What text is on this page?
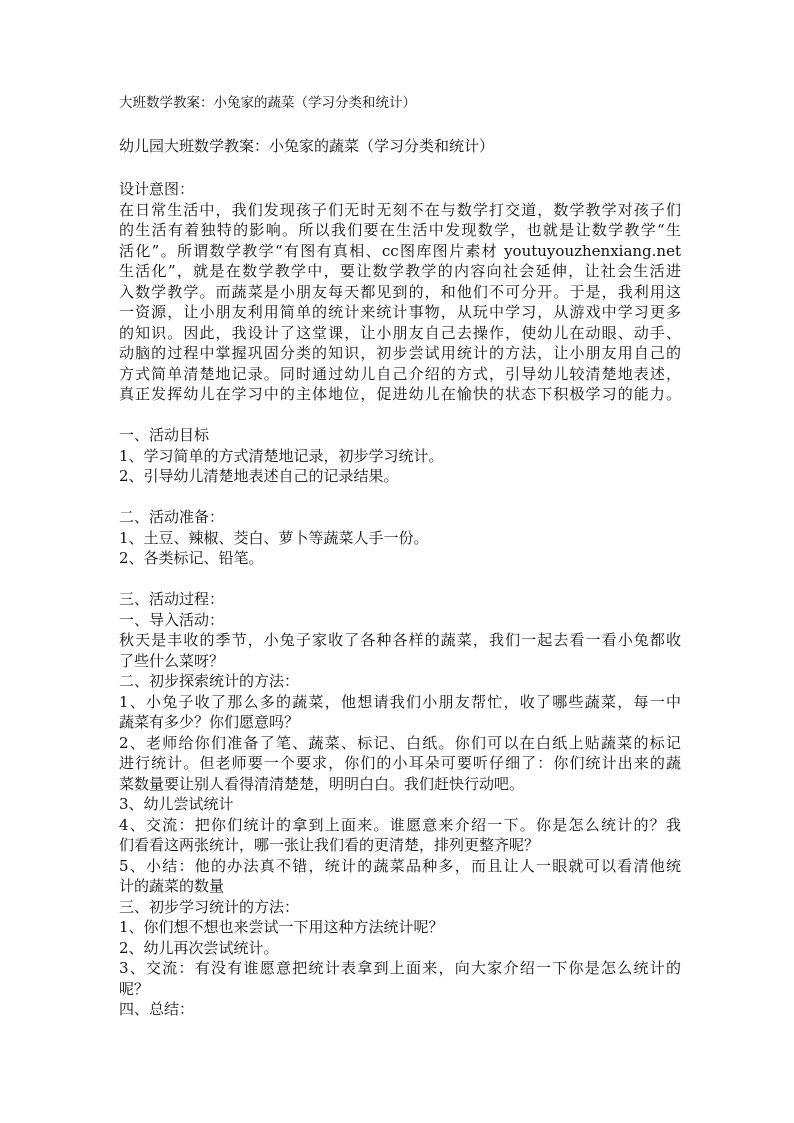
大班数学教案：小兔家的蔬菜（学习分类和统计）

幼儿园大班数学教案：小兔家的蔬菜（学习分类和统计）

设计意图：

在日常生活中，我们发现孩子们无时无刻不在与数学打交道，数学教学对孩子们

的生活有着独特的影响。所以我们要在生活中发现数学，也就是让数学教学“生

活化”。所谓数学教学“有图有真相、cc图库图片素材 youtuyouzhenxiang.net

生活化”，就是在数学教学中，要让数学教学的内容向社会延伸，让社会生活进

入数学教学。而蔬菜是小朋友每天都见到的，和他们不可分开。于是，我利用这

一资源，让小朋友利用简单的统计来统计事物，从玩中学习，从游戏中学习更多

的知识。因此，我设计了这堂课，让小朋友自己去操作，使幼儿在动眼、动手、

动脑的过程中掌握巩固分类的知识，初步尝试用统计的方法，让小朋友用自己的

方式简单清楚地记录。同时通过幼儿自己介绍的方式，引导幼儿较清楚地表述，

真正发挥幼儿在学习中的主体地位，促进幼儿在愉快的状态下积极学习的能力。

一、活动目标

1、学习简单的方式清楚地记录，初步学习统计。

2、引导幼儿清楚地表述自己的记录结果。

二、活动准备：

1、土豆、辣椒、茭白、萝卜等蔬菜人手一份。

2、各类标记、铅笔。

三、活动过程：

一、导入活动：

秋天是丰收的季节，小兔子家收了各种各样的蔬菜，我们一起去看一看小兔都收

了些什么菜呀？

二、初步探索统计的方法：

1、小兔子收了那么多的蔬菜，他想请我们小朋友帮忙，收了哪些蔬菜，每一中

蔬菜有多少？你们愿意吗？

2、老师给你们准备了笔、蔬菜、标记、白纸。你们可以在白纸上贴蔬菜的标记

进行统计。但老师要一个要求，你们的小耳朵可要听仔细了：你们统计出来的蔬

菜数量要让别人看得清清楚楚，明明白白。我们赶快行动吧。

3、幼儿尝试统计

4、交流：把你们统计的拿到上面来。谁愿意来介绍一下。你是怎么统计的？我

们看看这两张统计，哪一张让我们看的更清楚，排列更整齐呢？

5、小结：他的办法真不错，统计的蔬菜品种多，而且让人一眼就可以看清他统

计的蔬菜的数量

三、初步学习统计的方法：

1、你们想不想也来尝试一下用这种方法统计呢？

2、幼儿再次尝试统计。

3、交流：有没有谁愿意把统计表拿到上面来，向大家介绍一下你是怎么统计的

呢？

四、总结：
